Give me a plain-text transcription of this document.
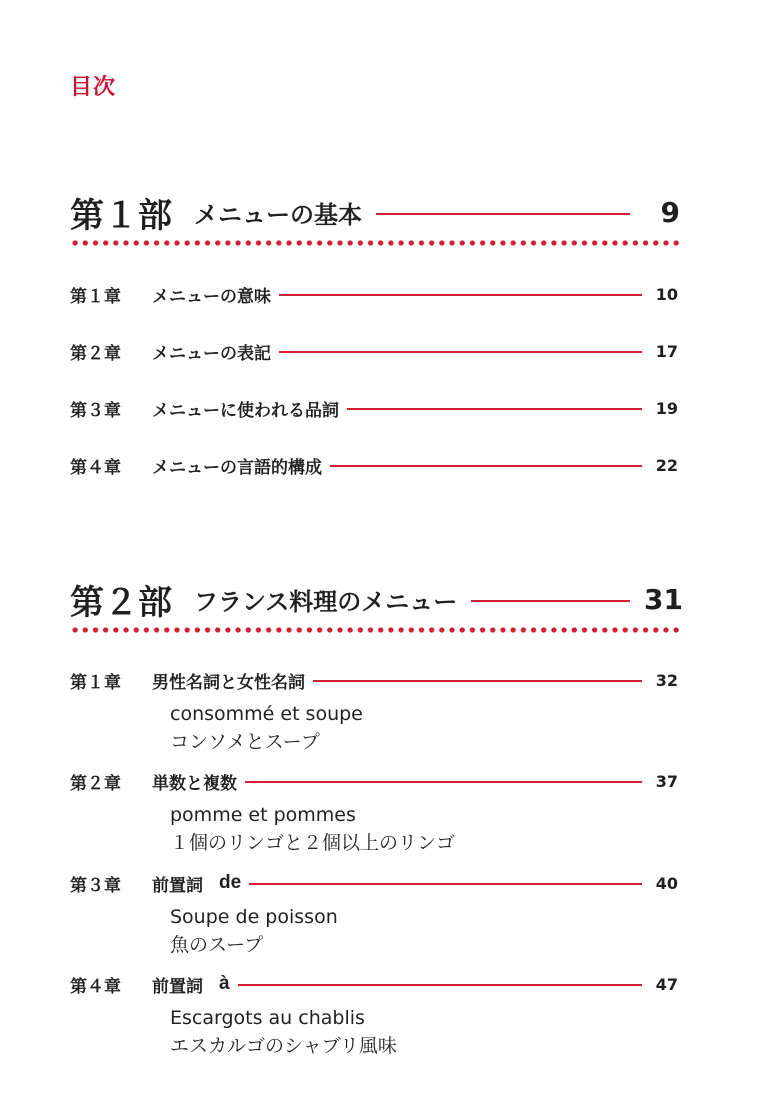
目次
第１部 メニューの基本	9
第１章	メニューの意味	10
第２章	メニューの表記	17
第３章	メニューに使われる品詞	19
第４章	メニューの言語的構成	22
第２部 フランス料理のメニュー	31
第１章	男性名詞と女性名詞	32
consommé et soupe
コンソメとスープ
第２章	単数と複数	37
pomme et pommes
１個のリンゴと２個以上のリンゴ
第３章	前置詞 de	40
Soupe de poisson
魚のスープ
第４章	前置詞 à	47
Escargots au chablis
エスカルゴのシャブリ風味
